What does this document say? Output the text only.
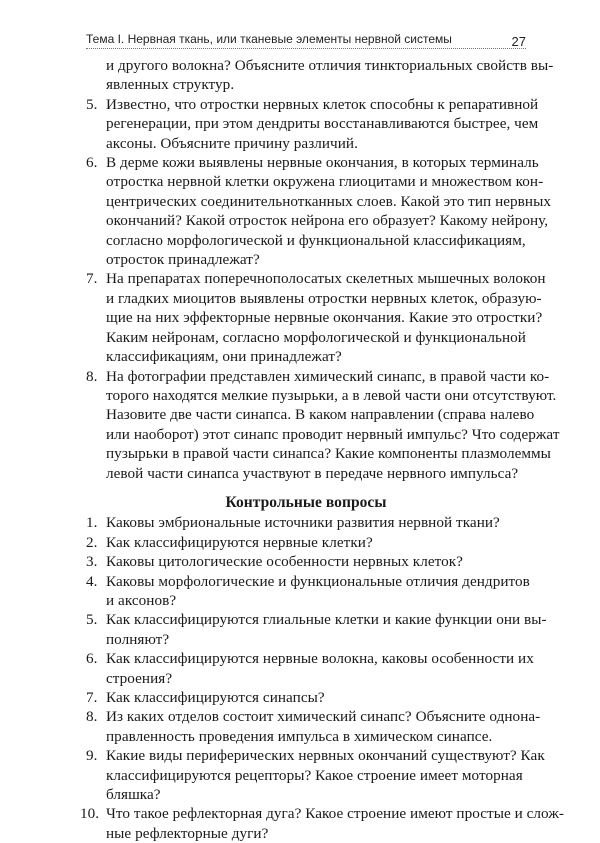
Тема I. Нервная ткань, или тканевые элементы нервной системы	27
и другого волокна? Объясните отличия тинкториальных свойств вы-
явленных структур.
5. Известно, что отростки нервных клеток способны к репаративной
регенерации, при этом дендриты восстанавливаются быстрее, чем
аксоны. Объясните причину различий.
6. В дерме кожи выявлены нервные окончания, в которых терминаль
отростка нервной клетки окружена глиоцитами и множеством кон-
центрических соединительнотканных слоев. Какой это тип нервных
окончаний? Какой отросток нейрона его образует? Какому нейрону,
согласно морфологической и функциональной классификациям,
отросток принадлежат?
7. На препаратах поперечнополосатых скелетных мышечных волокон
и гладких миоцитов выявлены отростки нервных клеток, образую-
щие на них эффекторные нервные окончания. Какие это отростки?
Каким нейронам, согласно морфологической и функциональной
классификациям, они принадлежат?
8. На фотографии представлен химический синапс, в правой части ко-
торого находятся мелкие пузырьки, а в левой части они отсутствуют.
Назовите две части синапса. В каком направлении (справа налево
или наоборот) этот синапс проводит нервный импульс? Что содержат
пузырьки в правой части синапса? Какие компоненты плазмолеммы
левой части синапса участвуют в передаче нервного импульса?
Контрольные вопросы
1. Каковы эмбриональные источники развития нервной ткани?
2. Как классифицируются нервные клетки?
3. Каковы цитологические особенности нервных клеток?
4. Каковы морфологические и функциональные отличия дендритов
и аксонов?
5. Как классифицируются глиальные клетки и какие функции они вы-
полняют?
6. Как классифицируются нервные волокна, каковы особенности их
строения?
7. Как классифицируются синапсы?
8. Из каких отделов состоит химический синапс? Объясните однона-
правленность проведения импульса в химическом синапсе.
9. Какие виды периферических нервных окончаний существуют? Как
классифицируются рецепторы? Какое строение имеет моторная
бляшка?
10. Что такое рефлекторная дуга? Какое строение имеют простые и слож-
ные рефлекторные дуги?
